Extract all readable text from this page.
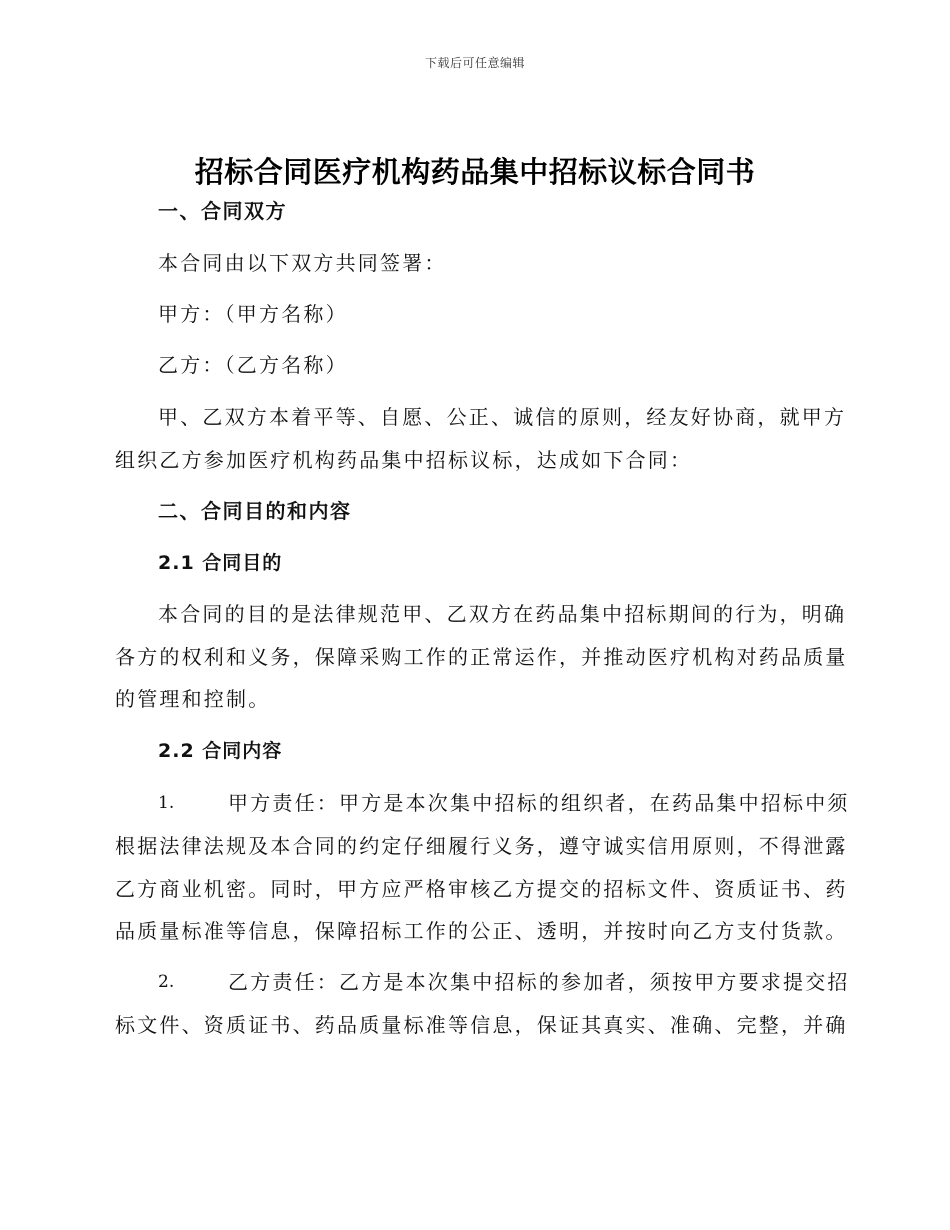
下载后可任意编辑
招标合同医疗机构药品集中招标议标合同书
一、合同双方
本合同由以下双方共同签署：
甲方：（甲方名称）
乙方：（乙方名称）
甲、乙双方本着平等、自愿、公正、诚信的原则，经友好协商，就甲方
组织乙方参加医疗机构药品集中招标议标，达成如下合同：
二、合同目的和内容
2.1 合同目的
本合同的目的是法律规范甲、乙双方在药品集中招标期间的行为，明确
各方的权利和义务，保障采购工作的正常运作，并推动医疗机构对药品质量
的管理和控制。
2.2 合同内容
1.	甲方责任：甲方是本次集中招标的组织者，在药品集中招标中须
根据法律法规及本合同的约定仔细履行义务，遵守诚实信用原则，不得泄露
乙方商业机密。同时，甲方应严格审核乙方提交的招标文件、资质证书、药
品质量标准等信息，保障招标工作的公正、透明，并按时向乙方支付货款。
2.	乙方责任：乙方是本次集中招标的参加者，须按甲方要求提交招
标文件、资质证书、药品质量标准等信息，保证其真实、准确、完整，并确
